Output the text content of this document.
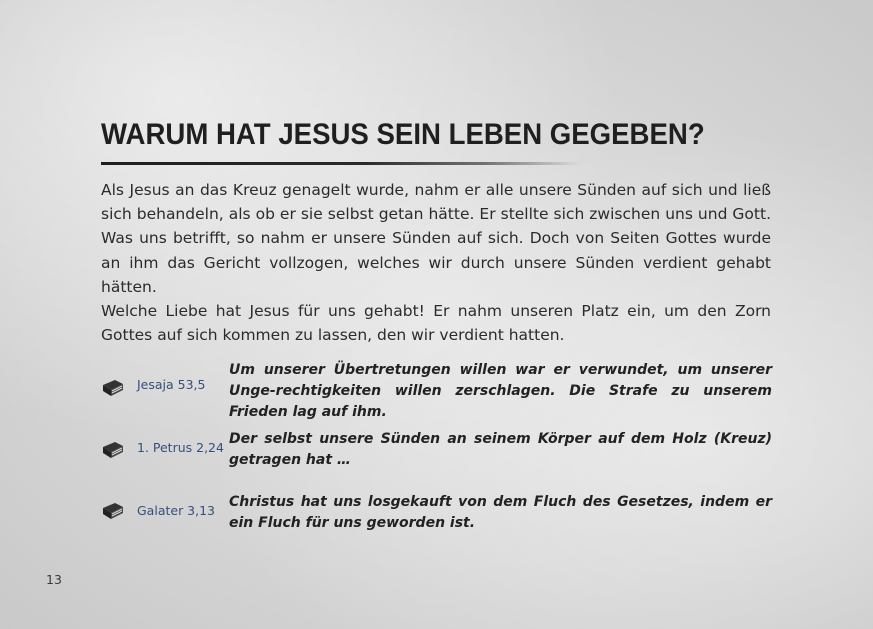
WARUM HAT JESUS SEIN LEBEN GEGEBEN?

Als Jesus an das Kreuz genagelt wurde, nahm er alle unsere Sünden auf sich und ließ sich behandeln, als ob er sie selbst getan hätte. Er stellte sich zwischen uns und Gott. Was uns betrifft, so nahm er unsere Sünden auf sich. Doch von Seiten Gottes wurde an ihm das Gericht vollzogen, welches wir durch unsere Sünden verdient gehabt hätten.

Welche Liebe hat Jesus für uns gehabt! Er nahm unseren Platz ein, um den Zorn Gottes auf sich kommen zu lassen, den wir verdient hatten.

Jesaja 53,5

Um unserer Übertretungen willen war er verwundet, um unserer Unge-rechtigkeiten willen zerschlagen. Die Strafe zu unserem Frieden lag auf ihm.

1. Petrus 2,24

Der selbst unsere Sünden an seinem Körper auf dem Holz (Kreuz) getragen hat …

Galater 3,13

Christus hat uns losgekauft von dem Fluch des Gesetzes, indem er ein Fluch für uns geworden ist.

13
